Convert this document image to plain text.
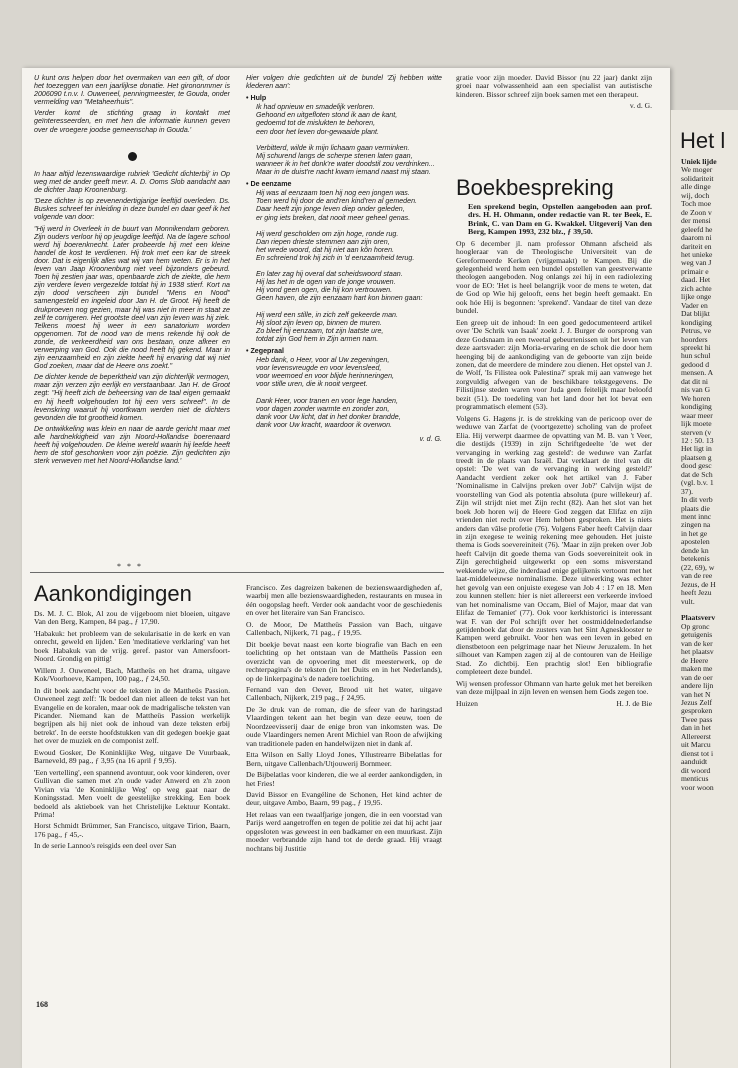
U kunt ons helpen door het overmaken van een gift, of door het toezeggen van een jaarlijkse donatie. Het girononmmer is 2006090 t.n.v. I. Ouweneel, penningmeester, te Gouda, onder vermelding van "Metaheerhuis".

Verder komt de stichting graag in kontakt met geïnteresseerden, en met hen die informatie kunnen geven over de vroegere joodse gemeenschap in Gouda.'

In haar altijd lezenswaardige rubriek 'Gedicht dichterbij' in Op weg met de ander geeft mevr. A. D. Ooms Slob aandacht aan de dichter Jaap Kroonenburg.

'Deze dichter is op zevenendertigjarige leeftijd overleden. Ds. Buskes schreef ter inleiding in deze bundel en daar geef ik het volgende van door:

"Hij werd in Overleek in de buurt van Monnikendam geboren. Zijn ouders verloor hij op jeugdige leeftijd. Na de lagere school werd hij boerenknecht. Later probeerde hij met een kleine handel de kost te verdienen. Hij trok met een kar de streek door. Dat is eigenlijk alles wat wij van hem weten. Er is in het leven van Jaap Kroonenburg niet veel bijzonders gebeurd. Toen hij zestien jaar was, openbaarde zich de ziekte, die hem zijn verdere leven vergezelde totdat hij in 1938 stierf. Kort na zijn dood verscheen zijn bundel "Mens en Nood" samengesteld en ingeleid door Jan H. de Groot. Hij heeft de drukproeven nog gezien, maar hij was niet in meer in staat ze zelf te corrigeren. Het grootste deel van zijn leven was hij ziek. Telkens moest hij weer in een sanatorium worden opgenomen. Tot de nood van de mens rekende hij ook de zonde, de verkeerdheid van ons bestaan, onze afkeer en verwerping van God. Ook die nood heeft hij gekend. Maar in zijn eenzaamheid en zijn ziekte heeft hij ervaring dat wij niet God zoeken, maar dat de Heere ons zoekt."

De dichter kende de beperktheid van zijn dichterlijk vermogen, maar zijn verzen zijn eerlijk en verstaanbaar. Jan H. de Groot zegt: "Hij heeft zich de beheersing van de taal eigen gemaakt en hij heeft volgehouden tot hij een vers schreef". In de levenskring waaruit hij voortkwam werden niet de dichters gevonden die tot grootheid komen.

De ontwikkeling was klein en naar de aarde gericht maar met alle hardnekkigheid van zijn Noord-Hollandse boerenaard heeft hij volgehouden. De kleine wereld waarin hij leefde heeft hem de stof geschonken voor zijn poëzie. Zijn gedichten zijn sterk verweven met het Noord-Hollandse land.'

Hier volgen drie gedichten uit de bundel 'Zij hebben witte klederen aan':

• Hulp
Ik had opnieuw en smadelijk verloren.
Gehoond en uitgefloten stond ik aan de kant,
gedoemd tot de mislukten te behoren,
een door het leven dor-gewaaide plant.

Verbitterd, wilde ik mijn lichaam gaan verminken.
Mij schurend langs de scherpe stenen laten gaan,
wanneer ik in het donk're water doodstil zou verdrinken...
Maar in de duist're nacht kwam iemand naast mij staan.
• De eenzame
Hij was al eenzaam toen hij nog een jongen was.
Toen werd hij door de and'ren kind'ren al gemeden.
Daar heeft zijn jonge leven diep onder geleden,
er ging iets breken, dat nooit meer geheel genas.

Hij werd gescholden om zijn hoge, ronde rug.
Dan riepen driestе stemmen aan zijn oren,
het wrede woord, dat hij niet aan kôn horen.
En schreiend trok hij zich in 'd eenzaamheid terug.

En later zag hij overal dat scheidswoord staan.
Hij las het in de ogen van de jonge vrouwen.
Hij vond geen ogen, die hij kon vertrouwen.
Geen haven, die zijn eenzaam hart kon binnen gaan:

Hij werd een stille, in zich zelf gekeerde man.
Hij sloot zijn leven op, binnen de muren.
Zo bleef hij eenzaam, tot zijn laatste ure,
totdat zijn God hem in Zijn armen nam.
• Zegepraal
Heb dank, o Heer, voor al Uw zegeningen,
voor levensvreugde en voor levensleed,
voor weemoed en voor blijde herinneringen,
voor stille uren, die ik nooit vergeet.

Dank Heer, voor tranen en voor lege handen,
voor dagen zonder warmte en zonder zon,
dank voor Uw licht, dat in het donker brandde,
dank voor Uw kracht, waardoor ik overwon.
v. d. G.

gratie voor zijn moeder. David Bissor (nu 22 jaar) dankt zijn groei naar volwassenheid aan een specialist van autistische kinderen. Bissor schreef zijn boek samen met een therapeut.

v. d. G.
Boekbespreking
Een sprekend begin, Opstellen aangeboden aan prof. drs. H. H. Ohmann, onder redactie van R. ter Beek, E. Brink, C. van Dam en G. Kwakkel. Uitgeverij Van den Berg, Kampen 1993, 232 blz., ƒ 39,50.

Op 6 december jl. nam professor Ohmann afscheid als hoogleraar van de Theologische Universiteit van de Gereformeerde Kerken (vrijgemaakt) te Kampen. Bij die gelegenheid werd hem een bundel opstellen van geestverwante theologen aangeboden. Nog onlangs zei hij in een radiolezing voor de EO: 'Het is heel belangrijk voor de mens te weten, dat de God op Wie hij gelooft, eens het begin heeft gemaakt. En ook hóe Hij is begonnen: 'sprekend'. Vandaar de titel van deze bundel.

Een greep uit de inhoud: In een goed gedocumenteerd artikel over 'De Schrik van Isaak' zoekt J. J. Burger de oorsprong van deze Godsnaam in een tweetal gebeurtenissen uit het leven van deze aartsvader: zijn Moria-ervaring en de schok die door hem heenging bij de aankondiging van de geboorte van zijn beide zonen, dat de meerdere de mindere zou dienen. Het opstel van J. de Wolf, 'Is Filistea ook Palestina?' sprak mij aan vanwege het zorgvuldig afwegen van de beschikbare tekstgegevens. De Filistijnse steden waren voor Juda geen feitelijk maar beloofd bezit (51). De toedeling van het land door het lot bevat een programmatisch element (53).

Volgens G. Hagens jr. is de strekking van de pericoop over de weduwe van Zarfat de (voortgezette) scholing van de profeet Elia. Hij verwerpt daarmee de opvatting van M. B. van 't Veer, die destijds (1939) in zijn Schriftgedeelte 'de wet der vervanging in werking zag gesteld': de weduwe van Zarfat treedt in de plaats van Israël. Dat verklaart de titel van dit opstel: 'De wet van de vervanging in werking gesteld?' Aandacht verdient zeker ook het artikel van J. Faber 'Nominalisme in Calvijns preken over Job?' Calvijn wijst de voorstelling van God als potentia absoluta (pure willekeur) af. Zijn wil strijdt niet met Zijn recht (82). Aan het slot van het boek Job horen wij de Heere God zeggen dat Elifaz en zijn vrienden niet recht over Hem hebben gesproken. Het is niets anders dan vâlse profetie (76). Volgens Faber heeft Calvijn daar in zijn exegese te weinig rekening mee gehouden. Het juiste thema is Gods soevereiniteit (76). 'Maar in zijn preken over Job heeft Calvijn dit goede thema van Gods soevereiniteit ook in Zijn gerechtigheid uitgewerkt op een soms misverstand wekkende wijze, die inderdaad enige gelijkenis vertoont met het laat-middeleeuwse nominalisme. Deze uitwerking was echter het gevolg van een onjuiste exegese van Job 4 : 17 en 18. Men zou kunnen stellen: hier is niet allereerst een verkeerde invloed van het nominalisme van Occam, Biel of Major, maar dat van Elifaz de Temaniet' (77). Ook voor kerkhistorici is interessant wat F. van der Pol schrijft over het oostmiddelnederlandse getijdenboek dat door de zusters van het Sint Agnesklooster te Kampen werd gebruikt. Voor hen was een leven in gebed en dienstbetoon een pelgrimage naar het Nieuw Jeruzalem. In het silhouet van Kampen zagen zij al de contouren van de Heilige Stad. Zo dichtbij. Een prachtig slot! Een bibliografie completeert deze bundel.

Wij wensen professor Ohmann van harte geluk met het bereiken van deze mijlpaal in zijn leven en wensen hem Gods zegen toe.

Huizen	H. J. de Bie
* * *
Aankondigingen

Ds. M. J. C. Blok, Al zou de vijgeboom niet bloeien, uitgave Van den Berg, Kampen, 84 pag., ƒ 17,90.

'Habakuk: het probleem van de sekularisatie in de kerk en van onrecht, geweld en lijden.' Een 'meditatieve verklaring' van het boek Habakuk van de vrijg. geref. pastor van Amersfoort-Noord. Grondig en pittig!

Willem J. Ouweneel, Bach, Mattheüs en het drama, uitgave Kok/Voorhoeve, Kampen, 100 pag., ƒ 24,50.

In dit boek aandacht voor de teksten in de Mattheüs Passion. Ouweneel zegt zelf: 'Ik bedoel dan niet alleen de tekst van het Evangelie en de koralen, maar ook de madrigalische teksten van Picander. Niemand kan de Mattheüs Passion werkelijk begrijpen als hij niet ook de inhoud van deze teksten erbij betrekt'. In de eerste hoofdstukken van dit gedegen boekje gaat het over de muziek en de componist zelf.

Ewoud Gosker, De Koninklijke Weg, uitgave De Vuurbaak, Barneveld, 89 pag., ƒ 3,95 (na 16 april ƒ 9,95).

'Een vertelling', een spannend avontuur, ook voor kinderen, over Gullivan die samen met z'n oude vader Anwerd en z'n zoon Vivian via 'de Koninklijke Weg' op weg gaat naar de Koningsstad. Men voelt de geestelijke strekking. Een boek bedoeld als aktieboek van het Christelijke Lektuur Kontakt. Prima!

Horst Schmidt Brümmer, San Francisco, uitgave Tirion, Baarn, 176 pag., ƒ 45,-.

In de serie Lannoo's reisgids een deel over San

Francisco. Zes dagreizen bakenen de bezienswaardigheden af, waarbij men alle bezienswaardigheden, restaurants en musea in één oogopslag heeft. Verder ook aandacht voor de geschiedenis en over het literaire van San Francisco.

O. de Moor, De Mattheüs Passion van Bach, uitgave Callenbach, Nijkerk, 71 pag., ƒ 19,95.

Dit boekje bevat naast een korte biografie van Bach en een toelichting op het ontstaan van de Mattheüs Passion een overzicht van de opvoering met dit meesterwerk, op de rechterpagina's de teksten (in het Duits en in het Nederlands), op de linkerpagina's de nadere toelichting.

Fernand van den Oever, Brood uit het water, uitgave Callenbach, Nijkerk, 219 pag., ƒ 24,95.

De 3e druk van de roman, die de sfeer van de haringstad Vlaardingen tekent aan het begin van deze eeuw, toen de Noordzeevisserij daar de enige bron van inkomsten was. De oude Vlaardingers nemen Arent Michiel van Roon de afwijking van traditionele paden en handelwijzen niet in dank af.

Etta Wilson en Sally Lloyd Jones, Yllustrearre Bibelatlas for Bern, uitgave Callenbach/Utjouwerij Bornmeer.

De Bijbelatlas voor kinderen, die we al eerder aankondigden, in het Fries!

David Bissor en Evangéline de Schonen, Het kind achter de deur, uitgave Ambo, Baarn, 99 pag., ƒ 19,95.

Het relaas van een twaalfjarige jongen, die in een voorstad van Parijs werd aangetroffen en tegen de politie zei dat hij acht jaar opgesloten was geweest in een badkamer en een muurkast. Zijn moeder verbrandde zijn hand tot de derde graad. Hij vraagt nochtans bij Justitie

168
Het l
Uniek lijde
We moger
solidariteit
alle dinge
wij, doch
Toch moe
de Zoon v
der mensi
geleefd he
daarom ni
dariteit en
het unieke
weg van J
primair e
daad. Het
zich achte
lijke onge
Vader en
Dat blijkt
kondiging
Petrus, ve
hoorders
spreekt hi
hun schul
gedood d
mensen. A
dat dit ni
nis van G
We horen
kondiging
waar meer
lijk moete
sterven (v
12 : 50. 13
Het ligt in
plaatsen g
dood gesc
dat de Sch
(vgl. b.v. 1
37).
In dit verb
plaats die
ment innc
zingen na
in het ge
apostelen
dende kn
betekenis
(22, 69), w
van de ree
Jezus, de H
heeft Jezu
vult.

Plaatsverv
Op gronc
getuigenis
van de ker
het plaatsv
de Heere
maken me
van de oer
andere lijn
van het N
Jezus Zelf
gesproken
Twee pass
dan in het
Allereerst
uit Marcu
dienst tot i
aanduidt
dit woord
menticus
voor woon
